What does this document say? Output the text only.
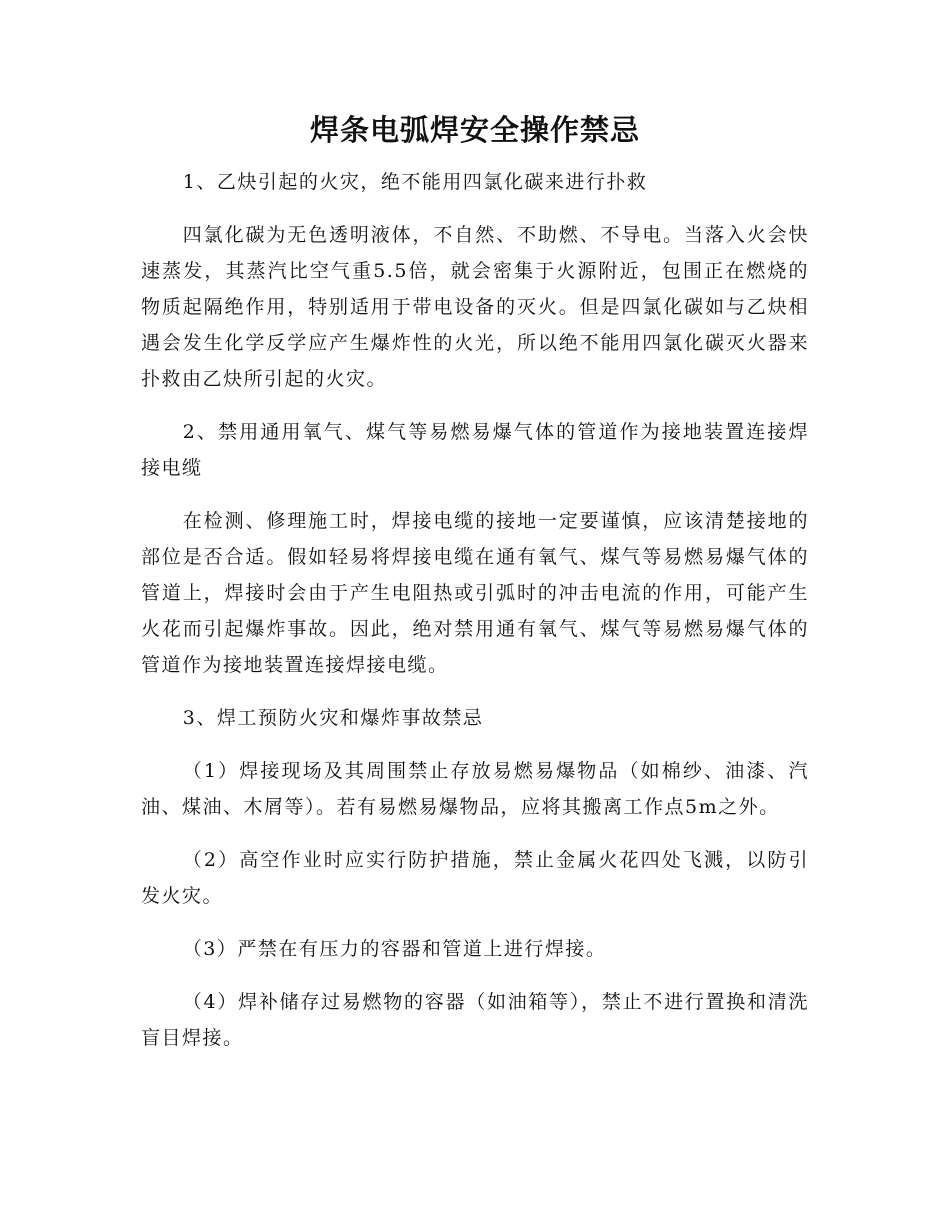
焊条电弧焊安全操作禁忌

1、乙炔引起的火灾，绝不能用四氯化碳来进行扑救

四氯化碳为无色透明液体，不自然、不助燃、不导电。当落入火会快速蒸发，其蒸汽比空气重5.5倍，就会密集于火源附近，包围正在燃烧的物质起隔绝作用，特别适用于带电设备的灭火。但是四氯化碳如与乙炔相遇会发生化学反学应产生爆炸性的火光，所以绝不能用四氯化碳灭火器来扑救由乙炔所引起的火灾。

2、禁用通用氧气、煤气等易燃易爆气体的管道作为接地装置连接焊接电缆

在检测、修理施工时，焊接电缆的接地一定要谨慎，应该清楚接地的部位是否合适。假如轻易将焊接电缆在通有氧气、煤气等易燃易爆气体的管道上，焊接时会由于产生电阻热或引弧时的冲击电流的作用，可能产生火花而引起爆炸事故。因此，绝对禁用通有氧气、煤气等易燃易爆气体的管道作为接地装置连接焊接电缆。

3、焊工预防火灾和爆炸事故禁忌

（1）焊接现场及其周围禁止存放易燃易爆物品（如棉纱、油漆、汽油、煤油、木屑等）。若有易燃易爆物品，应将其搬离工作点5m之外。

（2）高空作业时应实行防护措施，禁止金属火花四处飞溅，以防引发火灾。

（3）严禁在有压力的容器和管道上进行焊接。

（4）焊补储存过易燃物的容器（如油箱等），禁止不进行置换和清洗盲目焊接。
